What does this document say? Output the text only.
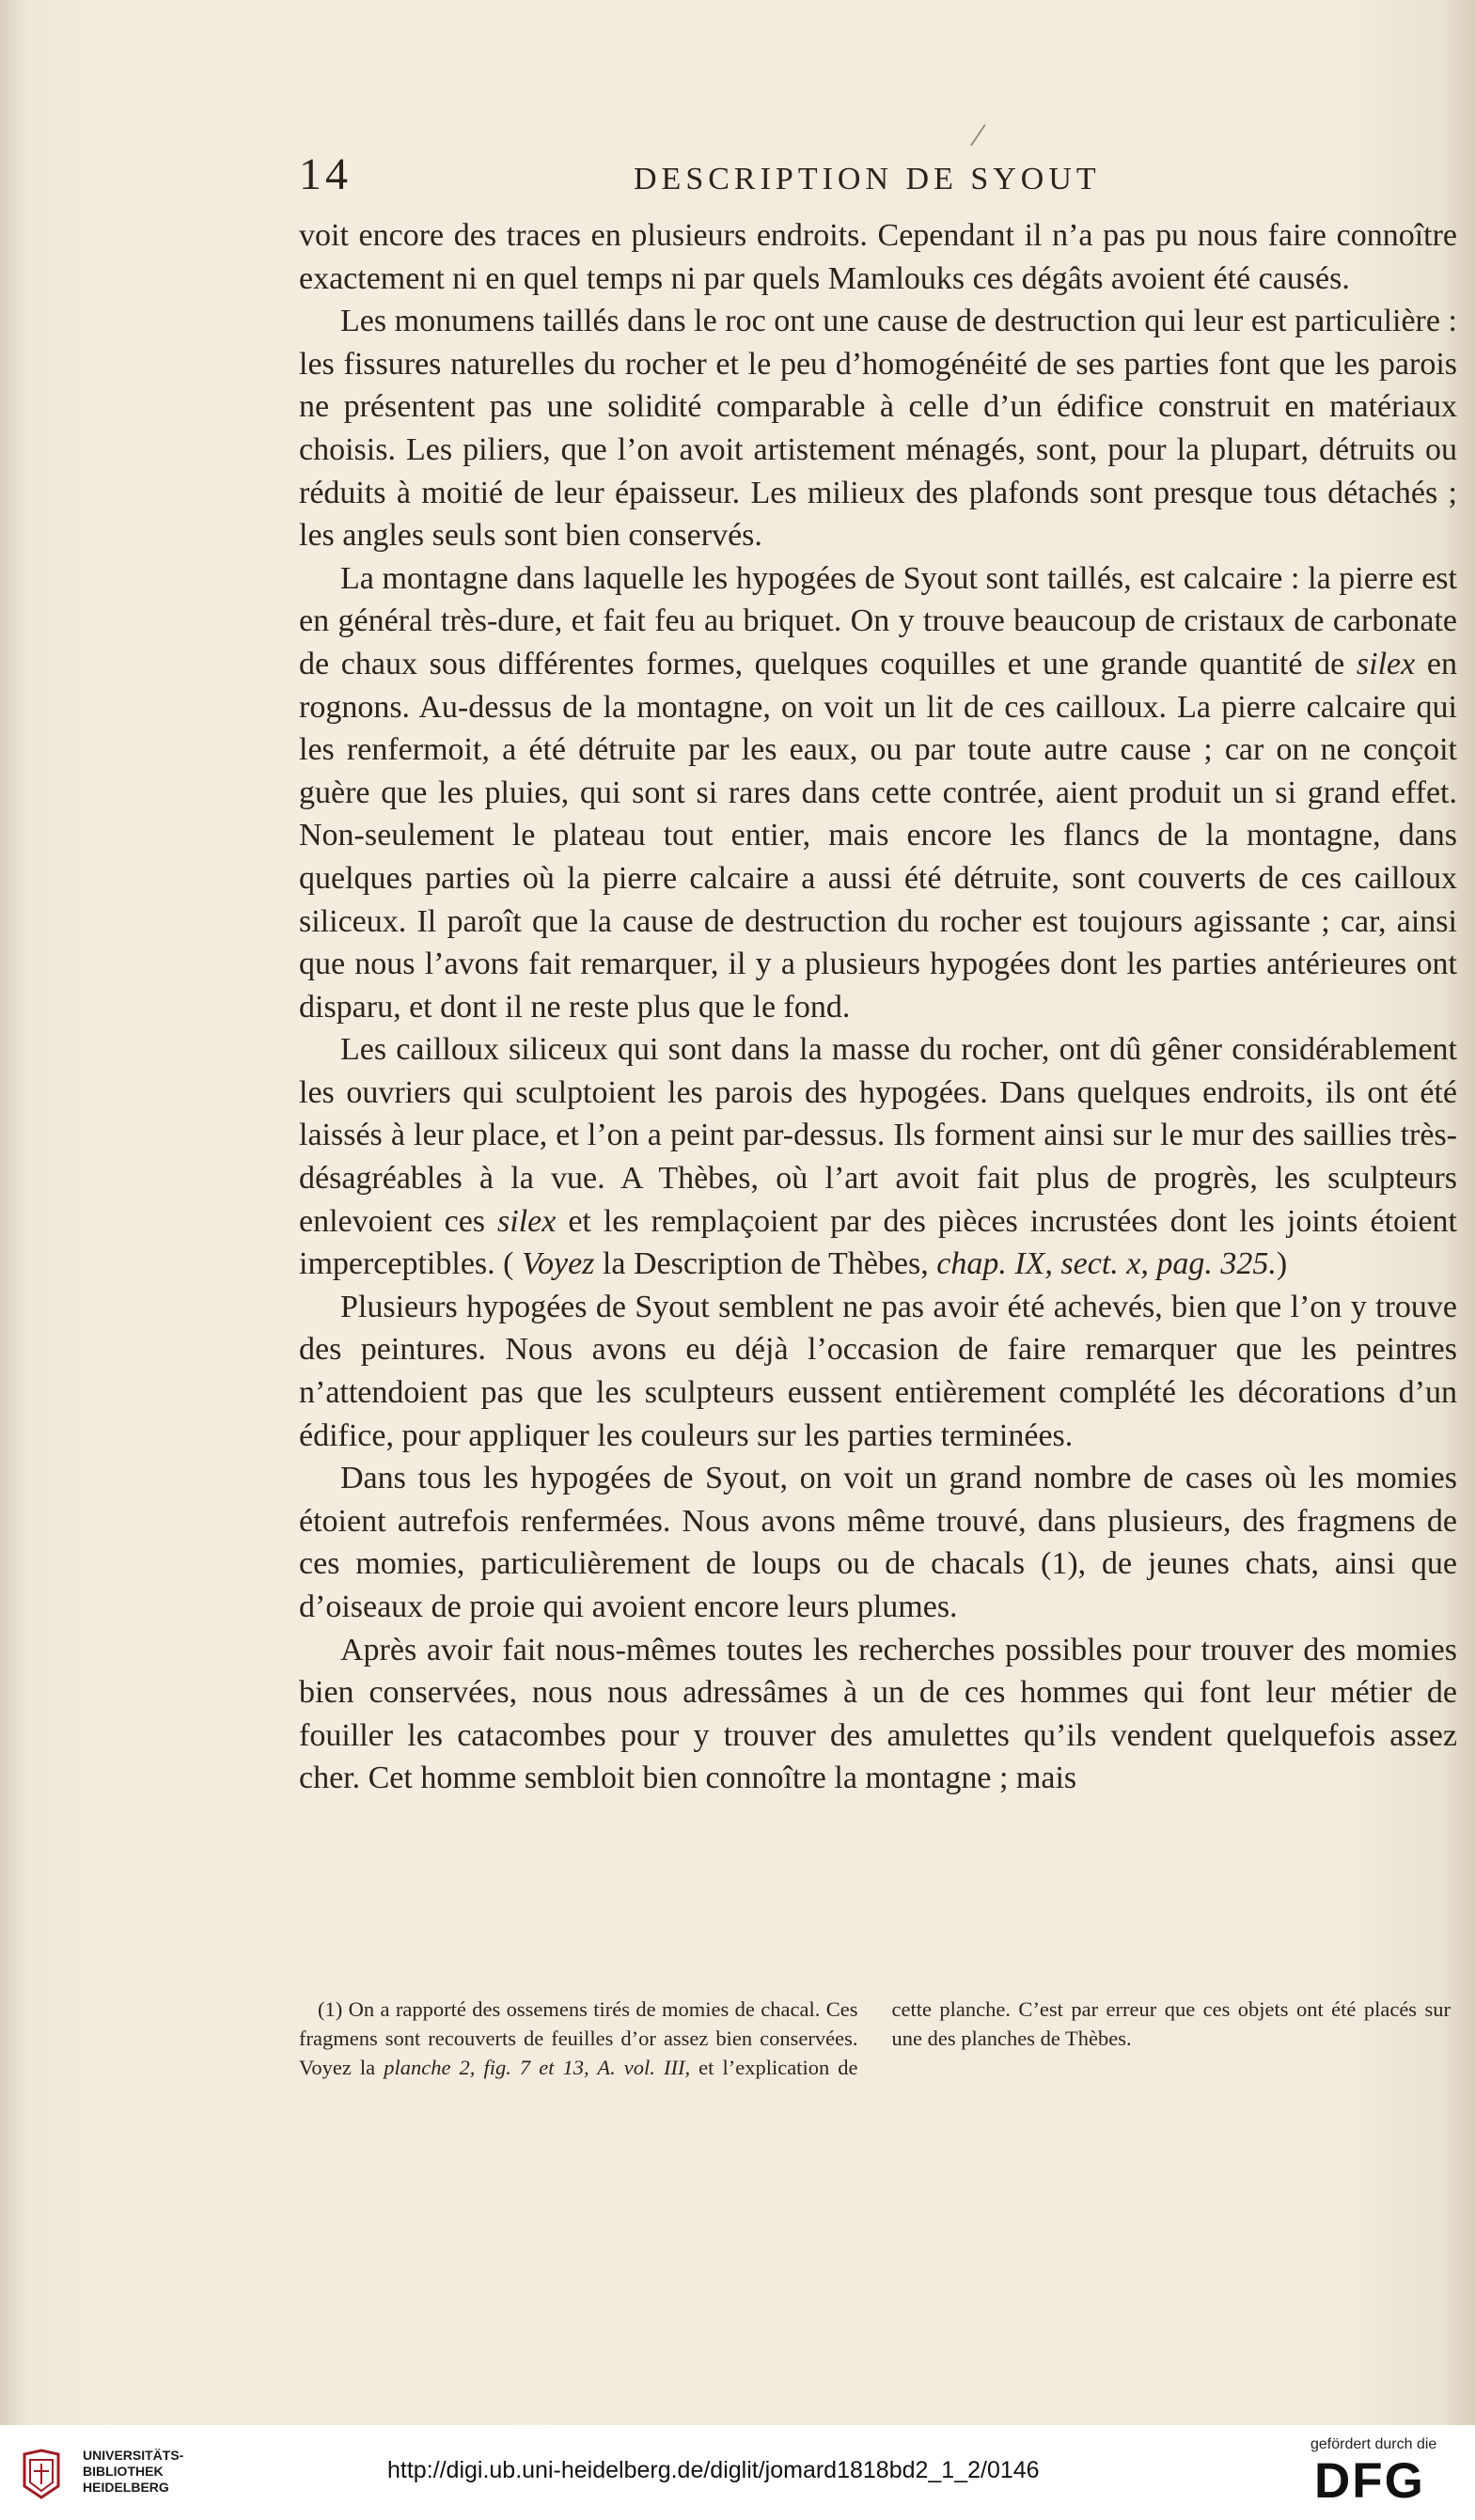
/
14	DESCRIPTION DE SYOUT

voit encore des traces en plusieurs endroits. Cependant il n’a pas pu nous faire connoître exactement ni en quel temps ni par quels Mamlouks ces dégâts avoient été causés.

Les monumens taillés dans le roc ont une cause de destruction qui leur est particulière : les fissures naturelles du rocher et le peu d’homogénéité de ses parties font que les parois ne présentent pas une solidité comparable à celle d’un édifice construit en matériaux choisis. Les piliers, que l’on avoit artistement ménagés, sont, pour la plupart, détruits ou réduits à moitié de leur épaisseur. Les milieux des plafonds sont presque tous détachés ; les angles seuls sont bien conservés.

La montagne dans laquelle les hypogées de Syout sont taillés, est calcaire : la pierre est en général très-dure, et fait feu au briquet. On y trouve beaucoup de cristaux de carbonate de chaux sous différentes formes, quelques coquilles et une grande quantité de silex en rognons. Au-dessus de la montagne, on voit un lit de ces cailloux. La pierre calcaire qui les renfermoit, a été détruite par les eaux, ou par toute autre cause ; car on ne conçoit guère que les pluies, qui sont si rares dans cette contrée, aient produit un si grand effet. Non-seulement le plateau tout entier, mais encore les flancs de la montagne, dans quelques parties où la pierre calcaire a aussi été détruite, sont couverts de ces cailloux siliceux. Il paroît que la cause de destruction du rocher est toujours agissante ; car, ainsi que nous l’avons fait remarquer, il y a plusieurs hypogées dont les parties antérieures ont disparu, et dont il ne reste plus que le fond.

Les cailloux siliceux qui sont dans la masse du rocher, ont dû gêner considérablement les ouvriers qui sculptoient les parois des hypogées. Dans quelques endroits, ils ont été laissés à leur place, et l’on a peint par-dessus. Ils forment ainsi sur le mur des saillies très-désagréables à la vue. A Thèbes, où l’art avoit fait plus de progrès, les sculpteurs enlevoient ces silex et les remplaçoient par des pièces incrustées dont les joints étoient imperceptibles. ( Voyez la Description de Thèbes, chap. IX, sect. x, pag. 325.)

Plusieurs hypogées de Syout semblent ne pas avoir été achevés, bien que l’on y trouve des peintures. Nous avons eu déjà l’occasion de faire remarquer que les peintres n’attendoient pas que les sculpteurs eussent entièrement complété les décorations d’un édifice, pour appliquer les couleurs sur les parties terminées.

Dans tous les hypogées de Syout, on voit un grand nombre de cases où les momies étoient autrefois renfermées. Nous avons même trouvé, dans plusieurs, des fragmens de ces momies, particulièrement de loups ou de chacals (1), de jeunes chats, ainsi que d’oiseaux de proie qui avoient encore leurs plumes.

Après avoir fait nous-mêmes toutes les recherches possibles pour trouver des momies bien conservées, nous nous adressâmes à un de ces hommes qui font leur métier de fouiller les catacombes pour y trouver des amulettes qu’ils vendent quelquefois assez cher. Cet homme sembloit bien connoître la montagne ; mais

(1) On a rapporté des ossemens tirés de momies de chacal. Ces fragmens sont recouverts de feuilles d’or assez bien conservées. Voyez la planche 2, fig. 7 et 13, A. vol. III, et l’explication de cette planche. C’est par erreur que ces objets ont été placés sur une des planches de Thèbes.

UNIVERSITÄTS-
BIBLIOTHEK
HEIDELBERG

http://digi.ub.uni-heidelberg.de/diglit/jomard1818bd2_1_2/0146
gefördert durch die
DFG
